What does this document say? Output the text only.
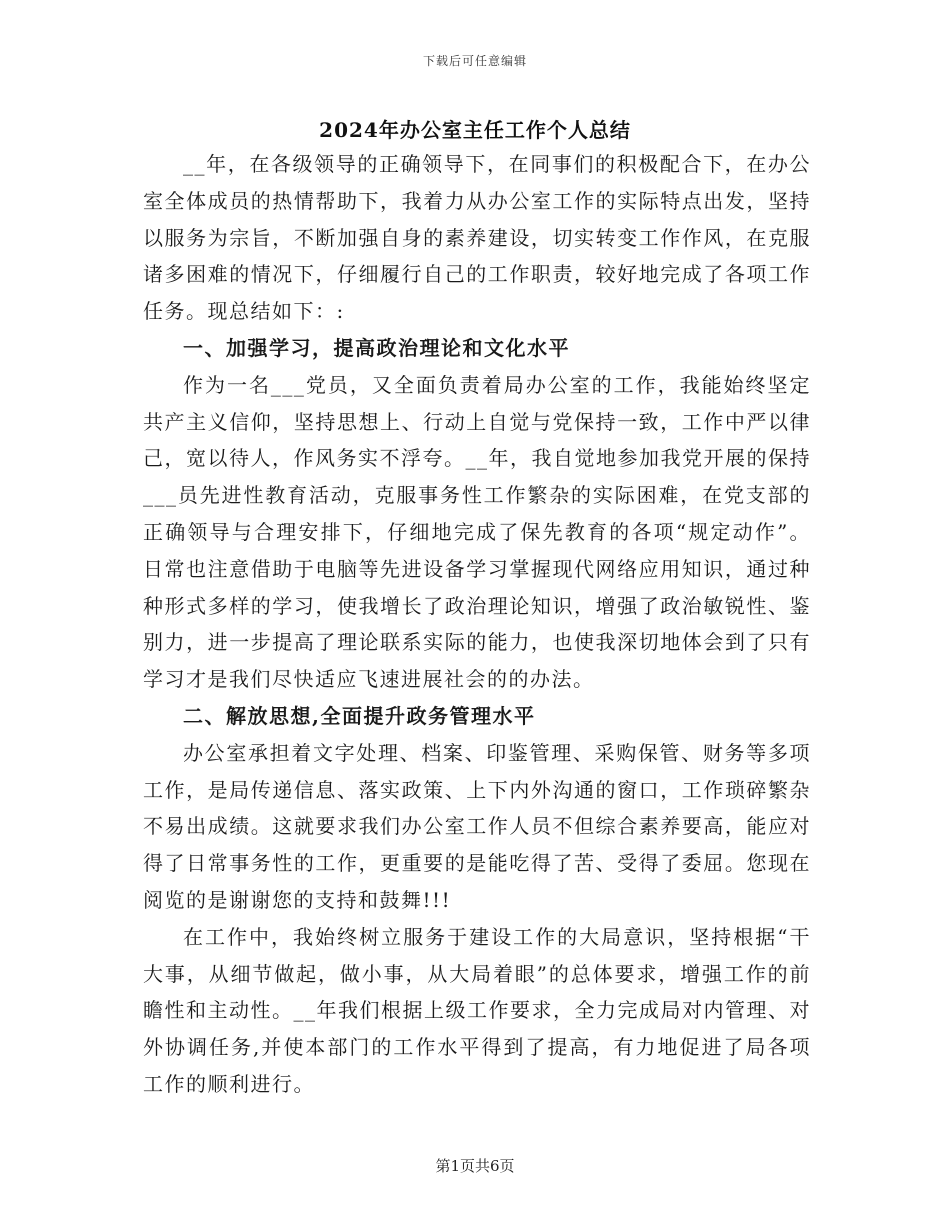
下载后可任意编辑
2024年办公室主任工作个人总结

__年，在各级领导的正确领导下，在同事们的积极配合下，在办公室全体成员的热情帮助下，我着力从办公室工作的实际特点出发，坚持以服务为宗旨，不断加强自身的素养建设，切实转变工作作风，在克服诸多困难的情况下，仔细履行自己的工作职责，较好地完成了各项工作任务。现总结如下：:

一、加强学习，提高政治理论和文化水平

作为一名___党员，又全面负责着局办公室的工作，我能始终坚定共产主义信仰，坚持思想上、行动上自觉与党保持一致，工作中严以律己，宽以待人，作风务实不浮夸。__年，我自觉地参加我党开展的保持___员先进性教育活动，克服事务性工作繁杂的实际困难，在党支部的正确领导与合理安排下，仔细地完成了保先教育的各项“规定动作”。日常也注意借助于电脑等先进设备学习掌握现代网络应用知识，通过种种形式多样的学习，使我增长了政治理论知识，增强了政治敏锐性、鉴别力，进一步提高了理论联系实际的能力，也使我深切地体会到了只有学习才是我们尽快适应飞速进展社会的的办法。

二、解放思想,全面提升政务管理水平

办公室承担着文字处理、档案、印鉴管理、采购保管、财务等多项工作，是局传递信息、落实政策、上下内外沟通的窗口，工作琐碎繁杂不易出成绩。这就要求我们办公室工作人员不但综合素养要高，能应对得了日常事务性的工作，更重要的是能吃得了苦、受得了委屈。您现在阅览的是谢谢您的支持和鼓舞!!!

在工作中，我始终树立服务于建设工作的大局意识，坚持根据“干大事，从细节做起，做小事，从大局着眼”的总体要求，增强工作的前瞻性和主动性。__年我们根据上级工作要求，全力完成局对内管理、对外协调任务,并使本部门的工作水平得到了提高，有力地促进了局各项工作的顺利进行。

第1页共6页
